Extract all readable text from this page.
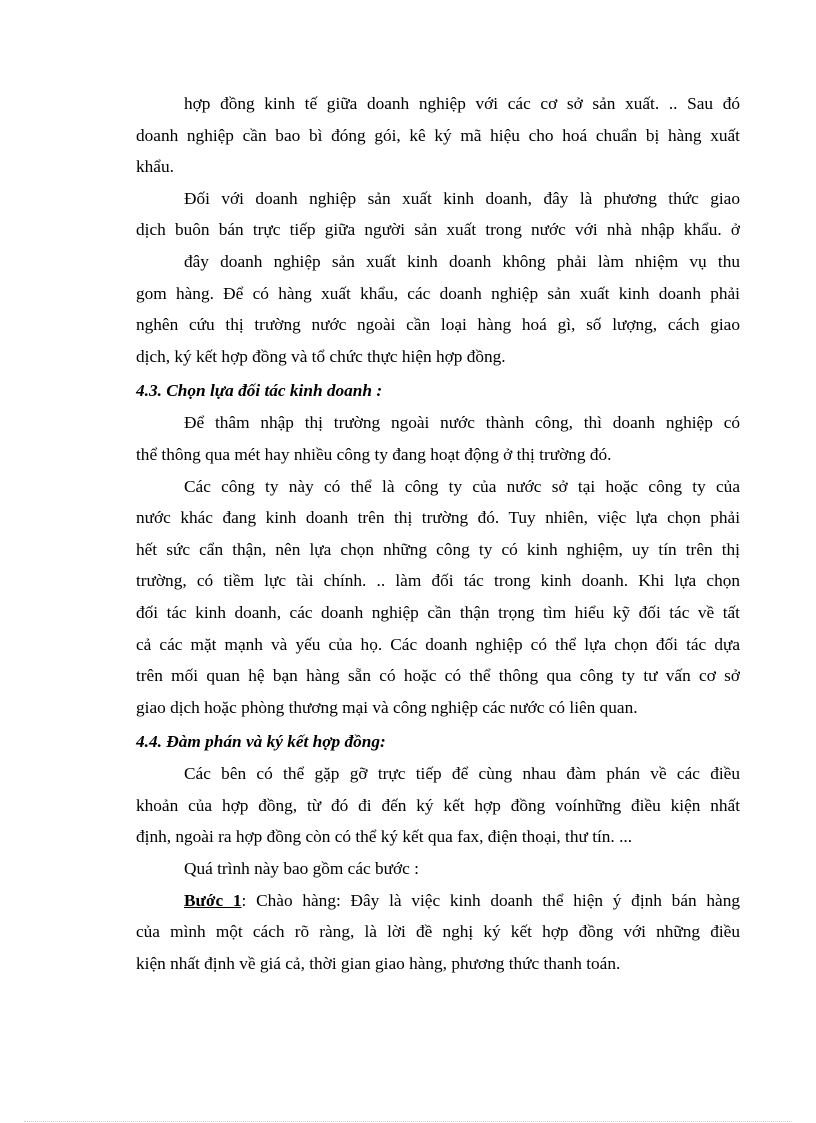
hợp đồng kinh tế giữa doanh nghiệp với các cơ sở sản xuất. .. Sau đó
doanh nghiệp cần bao bì đóng gói, kê ký mã hiệu cho hoá chuẩn bị hàng xuất
khẩu.
Đối với doanh nghiệp sản xuất kinh doanh, đây là phương thức giao
dịch buôn bán trực tiếp giữa người sản xuất trong nước với nhà nhập khẩu. ở
đây doanh nghiệp sản xuất kinh doanh không phải làm nhiệm vụ thu
gom hàng. Để có hàng xuất khẩu, các doanh nghiệp sản xuất kinh doanh phải
nghên cứu thị trường nước ngoài cần loại hàng hoá gì, số lượng, cách giao
dịch, ký kết hợp đồng và tổ chức thực hiện hợp đồng.
4.3. Chọn lựa đối tác kinh doanh :
Để thâm nhập thị trường ngoài nước thành công, thì doanh nghiệp có
thể thông qua mét hay nhiều công ty đang hoạt động ở thị trường đó.
Các công ty này có thể là công ty của nước sở tại hoặc công ty của
nước khác đang kinh doanh trên thị trường đó. Tuy nhiên, việc lựa chọn phải
hết sức cẩn thận, nên lựa chọn những công ty có kinh nghiệm, uy tín trên thị
trường, có tiềm lực tài chính. .. làm đối tác trong kinh doanh. Khi lựa chọn
đối tác kinh doanh, các doanh nghiệp cần thận trọng tìm hiểu kỹ đối tác về tất
cả các mặt mạnh và yếu của họ. Các doanh nghiệp có thể lựa chọn đối tác dựa
trên mối quan hệ bạn hàng sẵn có hoặc có thể thông qua công ty tư vấn cơ sở
giao dịch hoặc phòng thương mại và công nghiệp các nước có liên quan.
4.4. Đàm phán và ký kết hợp đồng:
Các bên có thể gặp gỡ trực tiếp để cùng nhau đàm phán về các điều
khoản của hợp đồng, từ đó đi đến ký kết hợp đồng voínhững điều kiện nhất
định, ngoài ra hợp đồng còn có thể ký kết qua fax, điện thoại, thư tín. ...
Quá trình này bao gồm các bước :
Bước 1: Chào hàng: Đây là việc kinh doanh thể hiện ý định bán hàng
của mình một cách rõ ràng, là lời đề nghị ký kết hợp đồng với những điều
kiện nhất định về giá cả, thời gian giao hàng, phương thức thanh toán.
